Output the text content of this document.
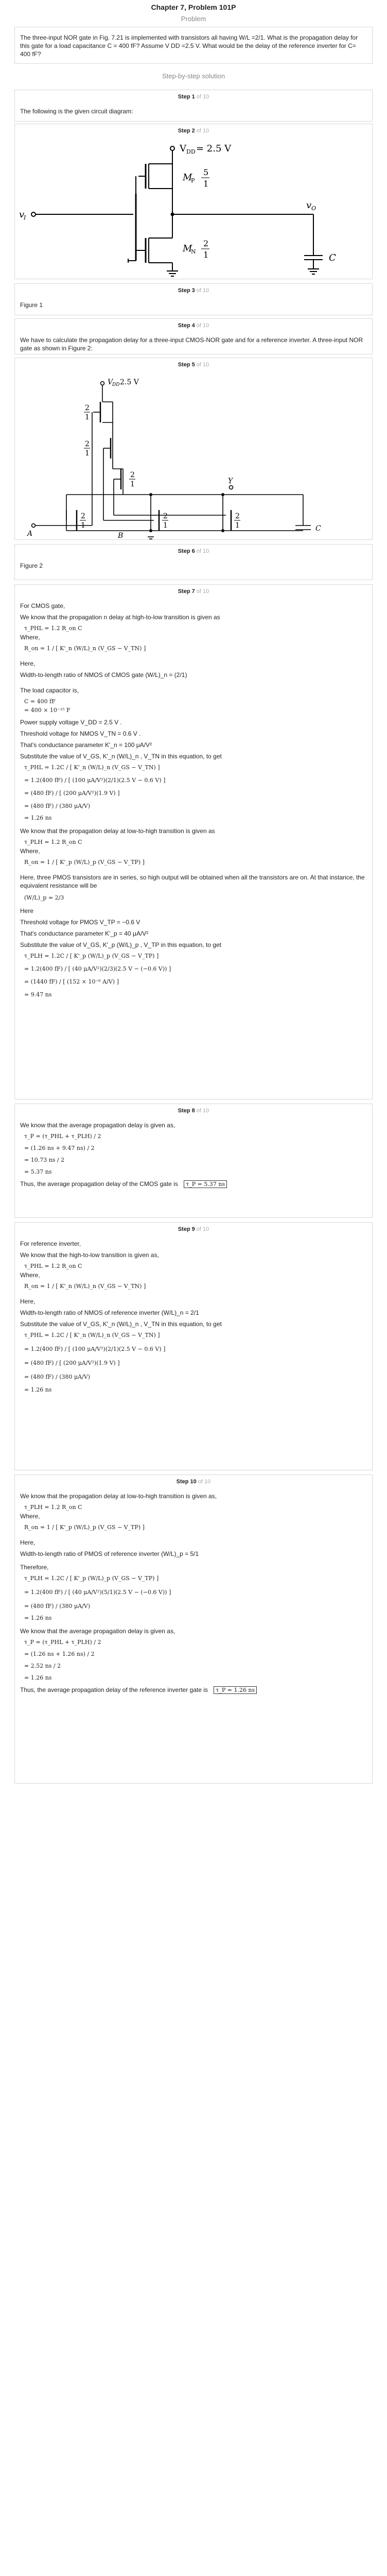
Chapter 7, Problem 101P
Problem
The three-input NOR gate in Fig. 7.21 is implemented with transistors all having W/L =2/1. What is the propagation delay for this gate for a load capacitance C = 400 fF? Assume V DD =2.5 V. What would be the delay of the reference inverter for C= 400 fF?
Step-by-step solution
Step 1 of 10
The following is the given circuit diagram:
Step 2 of 10
V DD = 2.5 V
M
P
5
1
M
N
2
1
v
I
v O
C
Step 3 of 10
Figure 1
Step 4 of 10
We have to calculate the propagation delay for a three-input CMOS-NOR gate and for a reference inverter. A three-input NOR gate as shown in Figure 2:
Step 5 of 10
V
DD 2.5 V
2
1
2
1
2
1
2
1
2
1
2
1
A	B
Y
C
Step 6 of 10
Figure 2
Step 7 of 10
For CMOS gate,
We know that the propagation n delay at high-to-low transition is given as
τ_PHL = 1.2 R_on C
Where,
R_on = 1 / [ K'_n (W/L)_n (V_GS − V_TN) ]
Here,
Width-to-length ratio of NMOS of CMOS gate (W/L)_n = (2/1)
The load capacitor is,
C = 400 fF
= 400 × 10⁻¹⁵ F
Power supply voltage V_DD = 2.5 V .
Threshold voltage for NMOS V_TN = 0.6 V .
That's conductance parameter K'_n = 100 μA/V²
Substitute the value of V_GS, K'_n (W/L)_n , V_TN in this equation, to get
τ_PHL = 1.2C / [ K'_n (W/L)_n (V_GS − V_TN) ]
= 1.2(400 fF) / [ (100 μA/V²)(2/1)(2.5 V − 0.6 V) ]
= (480 fF) / [ (200 μA/V²)(1.9 V) ]
= (480 fF) / (380 μA/V)
= 1.26 ns
We know that the propagation delay at low-to-high transition is given as
τ_PLH = 1.2 R_on C
Where,
R_on = 1 / [ K'_p (W/L)_p (V_GS − V_TP) ]
Here, three PMOS transistors are in series, so high output will be obtained when all the transistors are on. At that instance, the equivalent resistance will be
(W/L)_p = 2/3
Here
Threshold voltage for PMOS V_TP = −0.6 V
That's conductance parameter K'_p = 40 μA/V²
Substitute the value of V_GS, K'_p (W/L)_p , V_TP in this equation, to get
τ_PLH = 1.2C / [ K'_p (W/L)_p (V_GS − V_TP) ]
= 1.2(400 fF) / [ (40 μA/V²)(2/3)(2.5 V − (−0.6 V)) ]
= (1440 fF) / [ (152 × 10⁻⁶ A/V) ]
= 9.47 ns
Step 8 of 10
We know that the average propagation delay is given as,
τ_P = (τ_PHL + τ_PLH) / 2
= (1.26 ns + 9.47 ns) / 2
= 10.73 ns / 2
= 5.37 ns
Thus, the average propagation delay of the CMOS gate is τ_P = 5.37 ns
Step 9 of 10
For reference inverter,
We know that the high-to-low transition is given as,
τ_PHL = 1.2 R_on C
Where,
R_on = 1 / [ K'_n (W/L)_n (V_GS − V_TN) ]
Here,
Width-to-length ratio of NMOS of reference inverter (W/L)_n = 2/1
Substitute the value of V_GS, K'_n (W/L)_n , V_TN in this equation, to get
τ_PHL = 1.2C / [ K'_n (W/L)_n (V_GS − V_TN) ]
= 1.2(400 fF) / [ (100 μA/V²)(2/1)(2.5 V − 0.6 V) ]
= (480 fF) / [ (200 μA/V²)(1.9 V) ]
= (480 fF) / (380 μA/V)
= 1.26 ns
Step 10 of 10
We know that the propagation delay at low-to-high transition is given as,
τ_PLH = 1.2 R_on C
Where,
R_on = 1 / [ K'_p (W/L)_p (V_GS − V_TP) ]
Here,
Width-to-length ratio of PMOS of reference inverter (W/L)_p = 5/1
Therefore,
τ_PLH = 1.2C / [ K'_p (W/L)_p (V_GS − V_TP) ]
= 1.2(400 fF) / [ (40 μA/V²)(5/1)(2.5 V − (−0.6 V)) ]
= (480 fF) / (380 μA/V)
= 1.26 ns
We know that the average propagation delay is given as,
τ_P = (τ_PHL + τ_PLH) / 2
= (1.26 ns + 1.26 ns) / 2
= 2.52 ns / 2
= 1.26 ns
Thus, the average propagation delay of the reference inverter gate is τ_P = 1.26 ns
